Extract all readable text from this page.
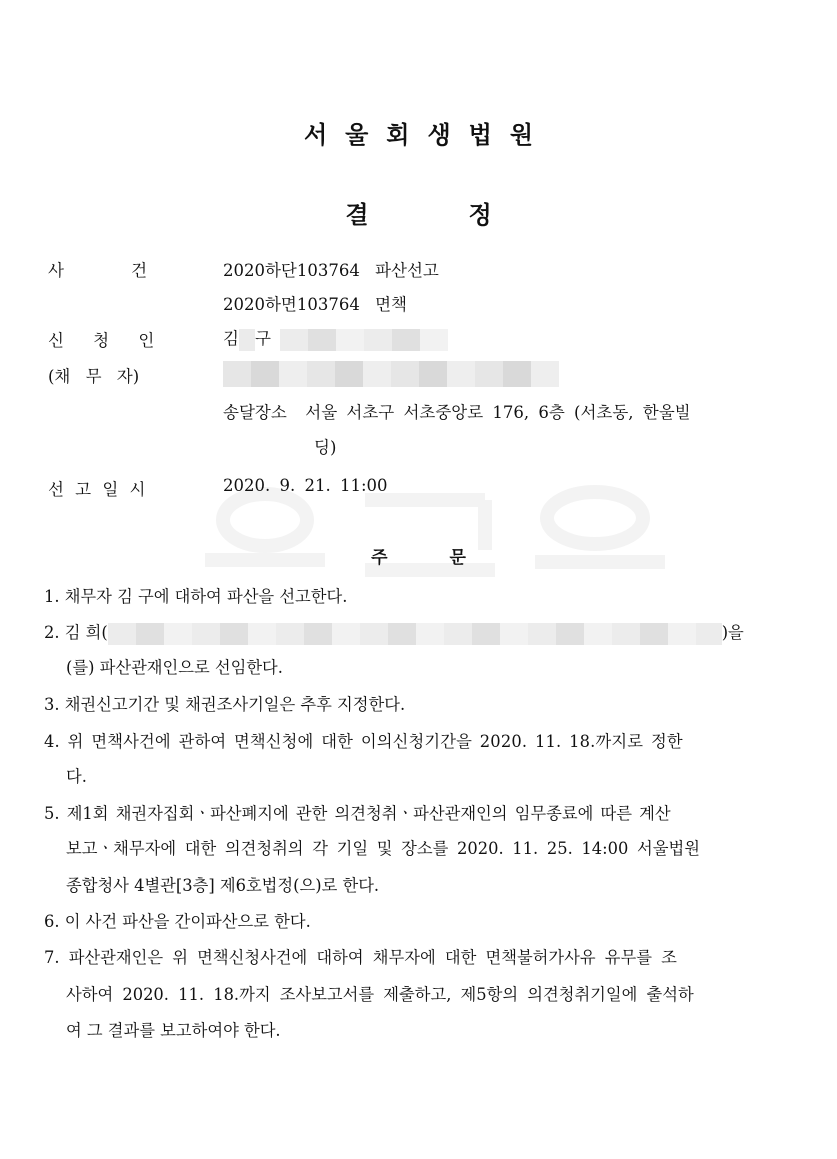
서울회생법원
결	정
사 건	2020하단103764 파산선고
2020하면103764 면책
신 청 인	김 구
(채 무 자)
송달장소 서울 서초구 서초중앙로 176, 6층 (서초동, 한울빌
딩)
선 고 일 시	2020. 9. 21. 11:00
주	문
1. 채무자 김 구에 대하여 파산을 선고한다.
2. 김 희(	)을
(를) 파산관재인으로 선임한다.
3. 채권신고기간 및 채권조사기일은 추후 지정한다.
4. 위 면책사건에 관하여 면책신청에 대한 이의신청기간을 2020. 11. 18.까지로 정한
다.
5. 제1회 채권자집회ㆍ파산폐지에 관한 의견청취ㆍ파산관재인의 임무종료에 따른 계산
보고ㆍ채무자에 대한 의견청취의 각 기일 및 장소를 2020. 11. 25. 14:00 서울법원
종합청사 4별관[3층] 제6호법정(으)로 한다.
6. 이 사건 파산을 간이파산으로 한다.
7. 파산관재인은 위 면책신청사건에 대하여 채무자에 대한 면책불허가사유 유무를 조
사하여 2020. 11. 18.까지 조사보고서를 제출하고, 제5항의 의견청취기일에 출석하
여 그 결과를 보고하여야 한다.
